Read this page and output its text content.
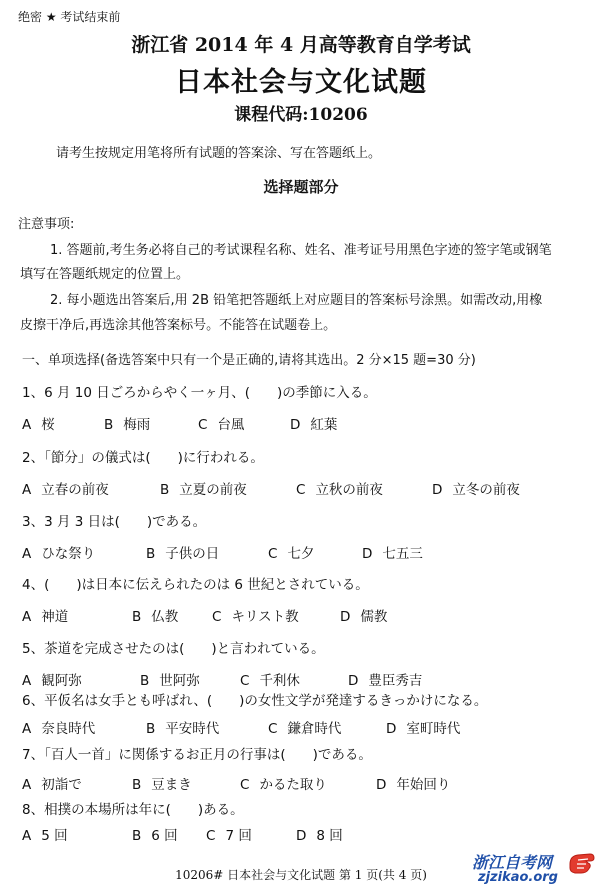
绝密 ★ 考试结束前
浙江省 2014 年 4 月高等教育自学考试
日本社会与文化试题
课程代码:10206
请考生按规定用笔将所有试题的答案涂、写在答题纸上。
选择题部分
注意事项:
1. 答题前,考生务必将自己的考试课程名称、姓名、准考证号用黑色字迹的签字笔或钢笔
填写在答题纸规定的位置上。
2. 每小题选出答案后,用 2B 铅笔把答题纸上对应题目的答案标号涂黑。如需改动,用橡
皮擦干净后,再选涂其他答案标号。不能答在试题卷上。
一、单项选择(备选答案中只有一个是正确的,请将其选出。2 分×15 题=30 分)
1、6 月 10 日ごろからやく一ヶ月、(　　)の季節に入る。
A 桜	B 梅雨	C 台風	D 紅葉
2、「節分」の儀式は(　　)に行われる。
A 立春の前夜	B 立夏の前夜	C 立秋の前夜	D 立冬の前夜
3、3 月 3 日は(　　)である。
A ひな祭り	B 子供の日	C 七夕	D 七五三
4、(　　)は日本に伝えられたのは 6 世紀とされている。
A 神道	B 仏教 C キリスト教	D 儒教
5、茶道を完成させたのは(　　)と言われている。
A 観阿弥	B 世阿弥	C 千利休	D 豊臣秀吉
6、平仮名は女手とも呼ばれ、(　　)の女性文学が発達するきっかけになる。
A 奈良時代	B 平安時代	C 鎌倉時代	D 室町時代
7、「百人一首」に関係するお正月の行事は(　　)である。
A 初詣で	B 豆まき	C かるた取り	D 年始回り
8、相撲の本場所は年に(　　)ある。
A 5 回	B 6 回 C 7 回	D 8 回
10206# 日本社会与文化试题 第 1 页(共 4 页)
浙江自考网
zjzikao.org
